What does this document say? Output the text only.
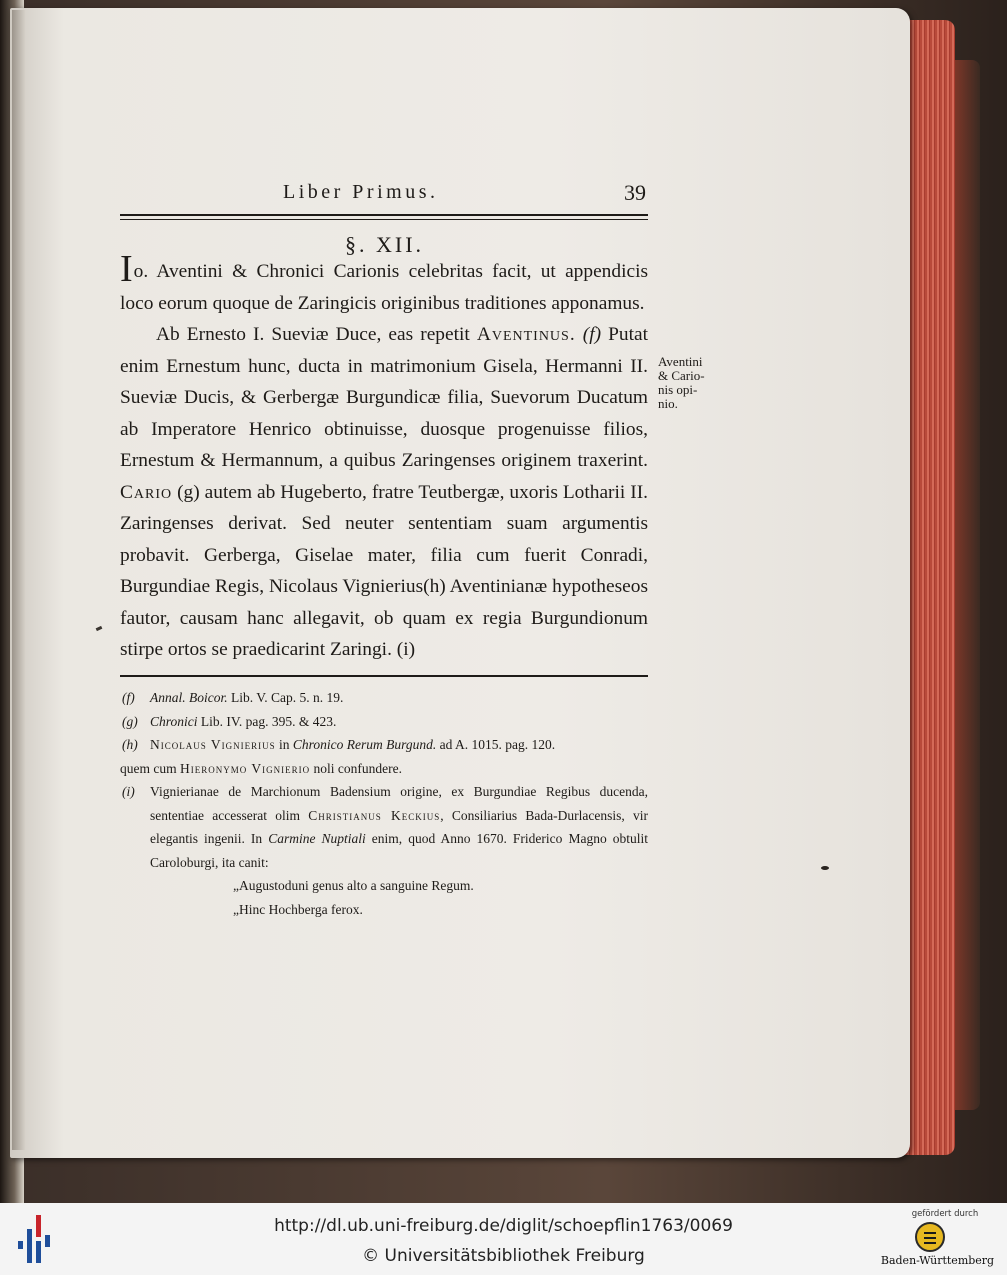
Liber Primus.	39
§. XII.

Io. Aventini & Chronici Carionis celebritas facit, ut appendicis loco eorum quoque de Zaringicis originibus traditiones apponamus.

Ab Ernesto I. Sueviæ Duce, eas repetit Aventinus. (f) Putat enim Ernestum hunc, ducta in matrimonium Gisela, Hermanni II. Sueviæ Ducis, & Gerbergæ Burgundicæ filia, Suevorum Ducatum ab Imperatore Henrico obtinuisse, duosque progenuisse filios, Ernestum & Hermannum, a quibus Zaringenses originem traxerint. Cario (g) autem ab Hugeberto, fratre Teutbergæ, uxoris Lotharii II. Zaringenses derivat. Sed neuter sententiam suam argumentis probavit. Gerberga, Giselae mater, filia cum fuerit Conradi, Burgundiae Regis, Nicolaus Vignierius(h) Aventinianæ hypotheseos fautor, causam hanc allegavit, ob quam ex regia Burgundionum stirpe ortos se praedicarint Zaringi. (i)

Aventini
& Cario-
nis opi-
nio.
(f)	Annal. Boicor. Lib. V. Cap. 5. n. 19.
(g) Chronici Lib. IV. pag. 395. & 423.
(h) Nicolaus Vignierius in Chronico Rerum Burgund. ad A. 1015. pag. 120.
quem cum Hieronymo Vignierio noli confundere.
(i)	Vignierianae de Marchionum Badensium origine, ex Burgundiae Regibus ducenda, sententiae accesserat olim Christianus Keckius, Consiliarius Bada-Durlacensis, vir elegantis ingenii. In Carmine Nuptiali enim, quod Anno 1670. Friderico Magno obtulit Caroloburgi, ita canit:
„Augustoduni genus alto a sanguine Regum.
„Hinc Hochberga ferox.
http://dl.ub.uni-freiburg.de/diglit/schoepflin1763/0069
© Universitätsbibliothek Freiburg
gefördert durch
Baden-Württemberg
